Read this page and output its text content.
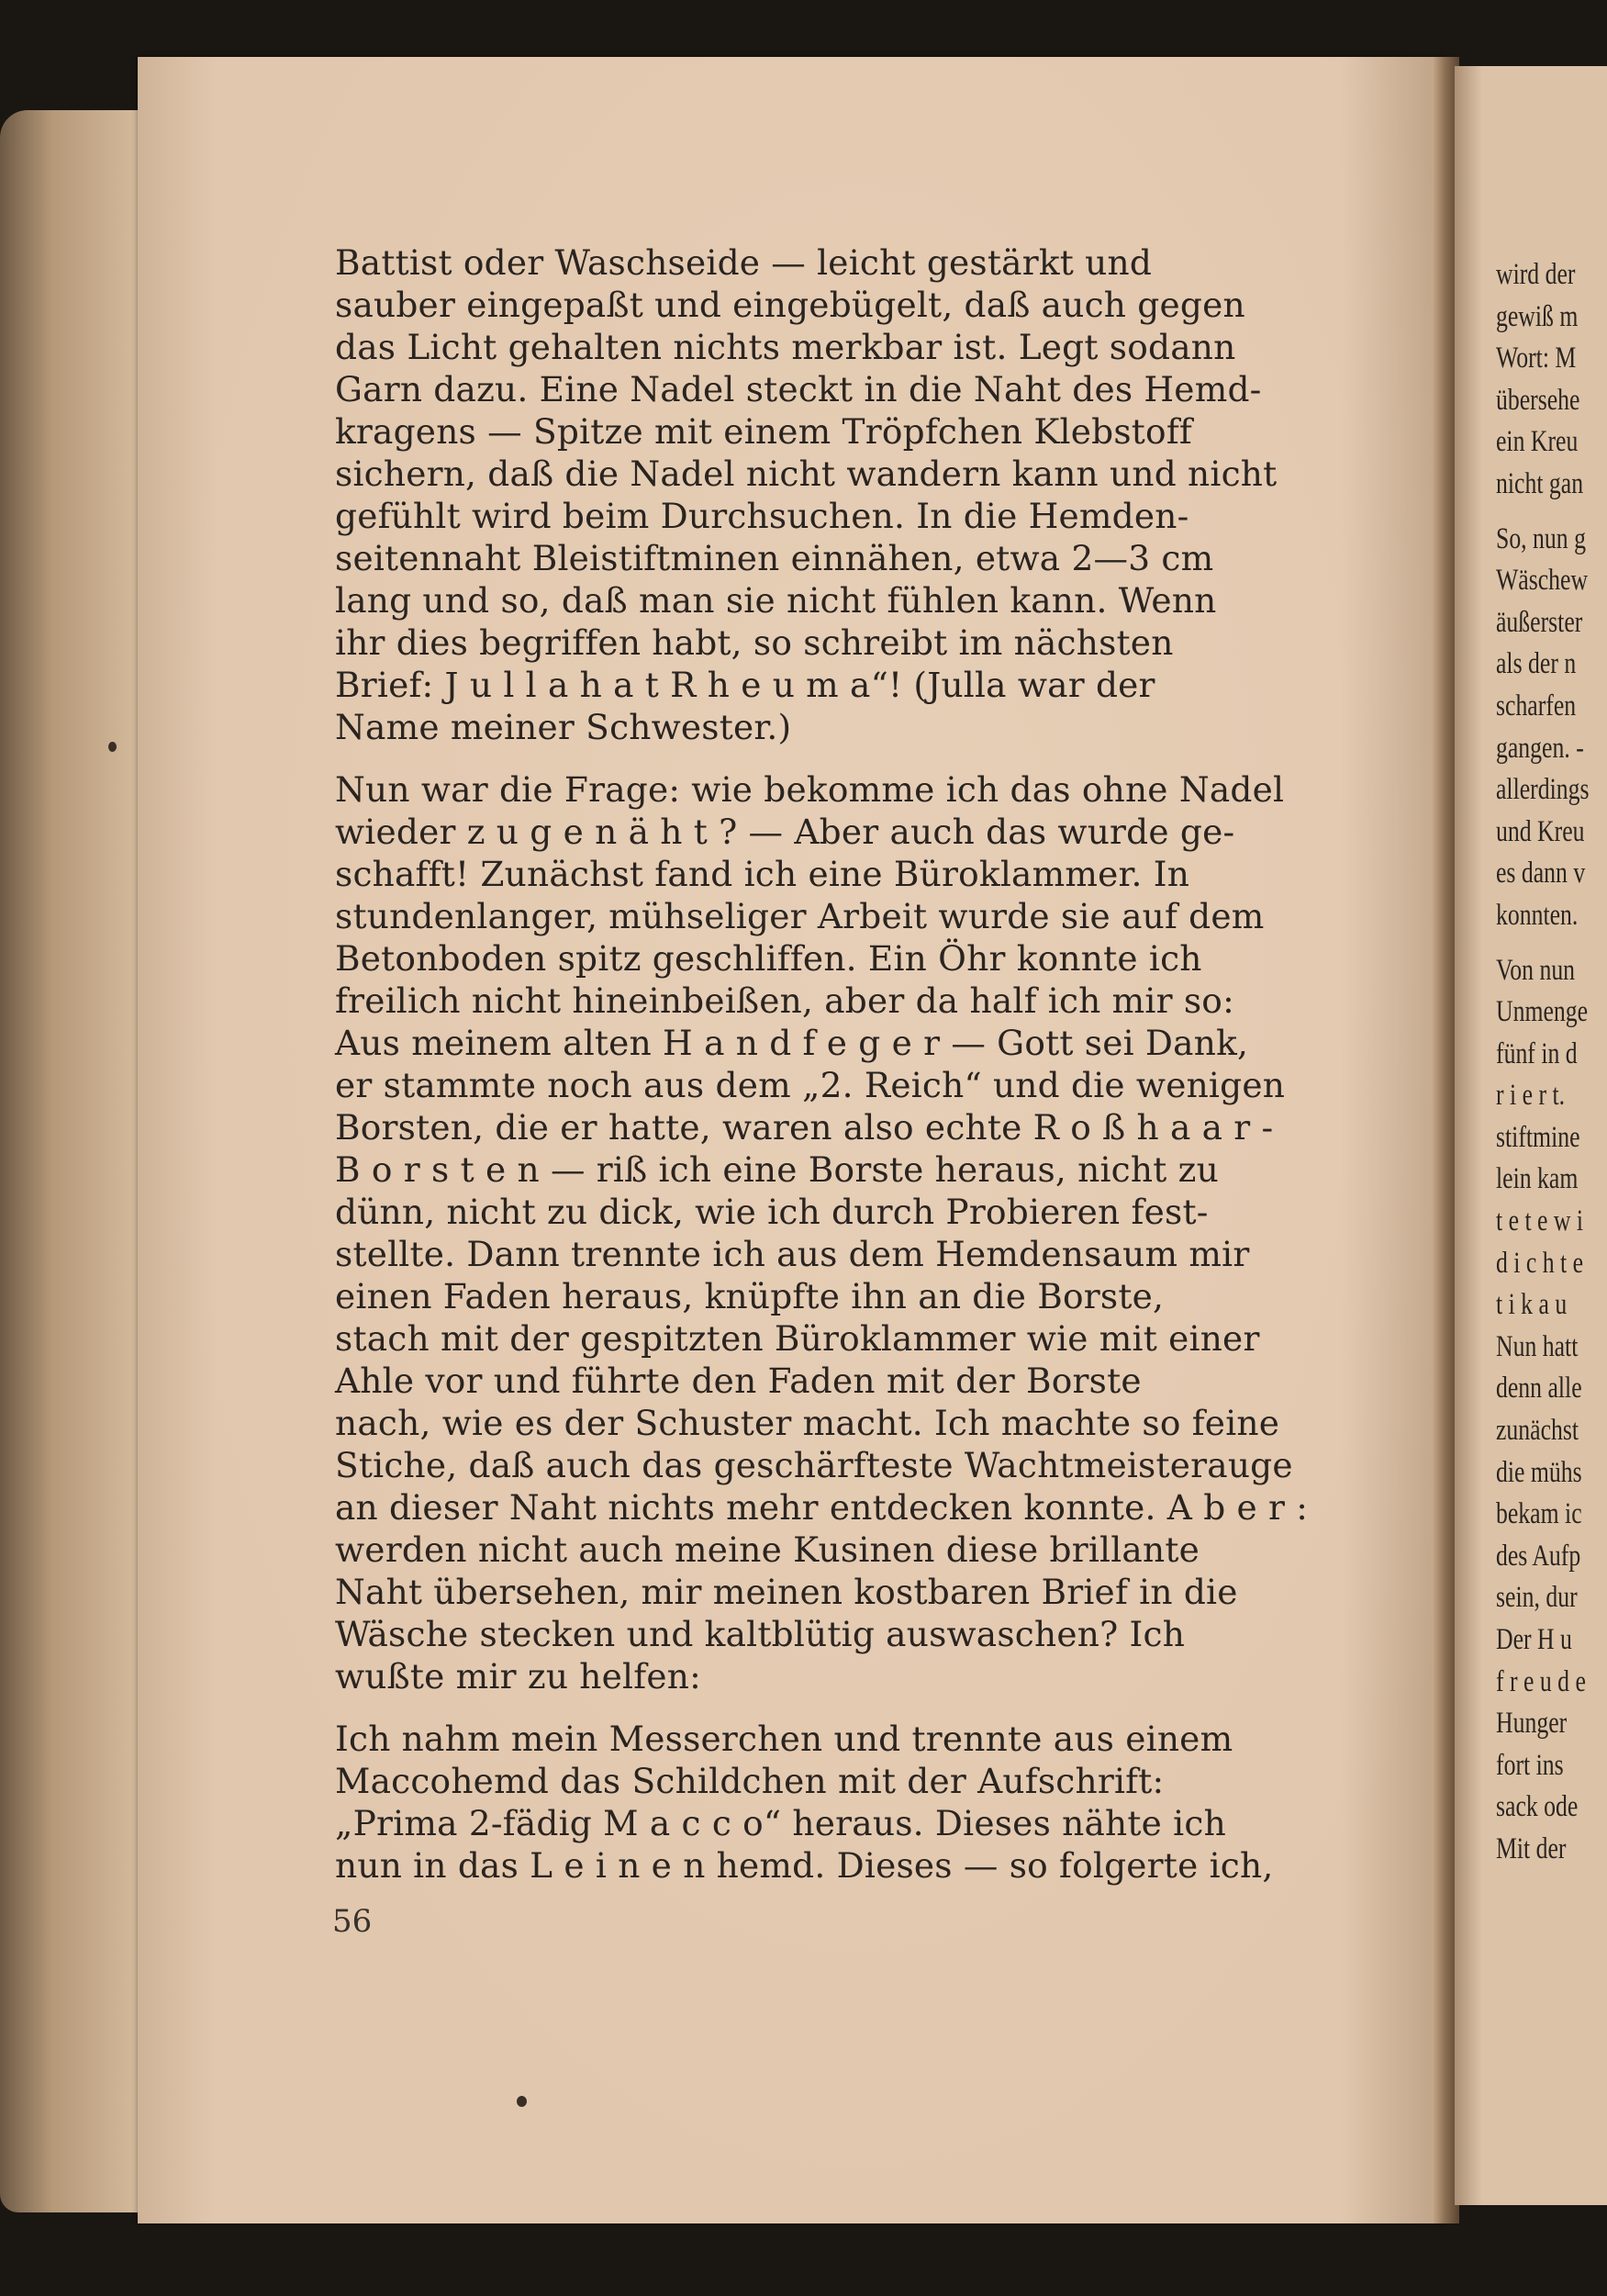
wird der
gewiß m
Wort: M
übersehe
ein Kreu
nicht gan
So, nun g
Wäschew
äußerster
als der n
scharfen
gangen. -
allerdings
und Kreu
es dann v
konnten.
Von nun
Unmenge
fünf in d
r i e r t.
stiftmine
lein kam
t e t e w i
d i c h t e
t i k a u
Nun hatt
denn alle
zunächst
die mühs
bekam ic
des Aufp
sein, dur
Der H u
f r e u d e
Hunger
fort ins
sack ode
Mit der

Battist oder Waschseide — leicht gestärkt und
sauber eingepaßt und eingebügelt, daß auch gegen
das Licht gehalten nichts merkbar ist. Legt sodann
Garn dazu. Eine Nadel steckt in die Naht des Hemd-
kragens — Spitze mit einem Tröpfchen Klebstoff
sichern, daß die Nadel nicht wandern kann und nicht
gefühlt wird beim Durchsuchen. In die Hemden-
seitennaht Bleistiftminen einnähen, etwa 2—3 cm
lang und so, daß man sie nicht fühlen kann. Wenn
ihr dies begriffen habt, so schreibt im nächsten
Brief: J u l l a h a t R h e u m a“! (Julla war der
Name meiner Schwester.)

Nun war die Frage: wie bekomme ich das ohne Nadel
wieder z u g e n ä h t ? — Aber auch das wurde ge-
schafft! Zunächst fand ich eine Büroklammer. In
stundenlanger, mühseliger Arbeit wurde sie auf dem
Betonboden spitz geschliffen. Ein Öhr konnte ich
freilich nicht hineinbeißen, aber da half ich mir so:
Aus meinem alten H a n d f e g e r — Gott sei Dank,
er stammte noch aus dem „2. Reich“ und die wenigen
Borsten, die er hatte, waren also echte R o ß h a a r -
B o r s t e n — riß ich eine Borste heraus, nicht zu
dünn, nicht zu dick, wie ich durch Probieren fest-
stellte. Dann trennte ich aus dem Hemdensaum mir
einen Faden heraus, knüpfte ihn an die Borste,
stach mit der gespitzten Büroklammer wie mit einer
Ahle vor und führte den Faden mit der Borste
nach, wie es der Schuster macht. Ich machte so feine
Stiche, daß auch das geschärfteste Wachtmeisterauge
an dieser Naht nichts mehr entdecken konnte. A b e r :
werden nicht auch meine Kusinen diese brillante
Naht übersehen, mir meinen kostbaren Brief in die
Wäsche stecken und kaltblütig auswaschen? Ich
wußte mir zu helfen:

Ich nahm mein Messerchen und trennte aus einem
Maccohemd das Schildchen mit der Aufschrift:
„Prima 2-fädig M a c c o“ heraus. Dieses nähte ich
nun in das L e i n e n hemd. Dieses — so folgerte ich,

56
